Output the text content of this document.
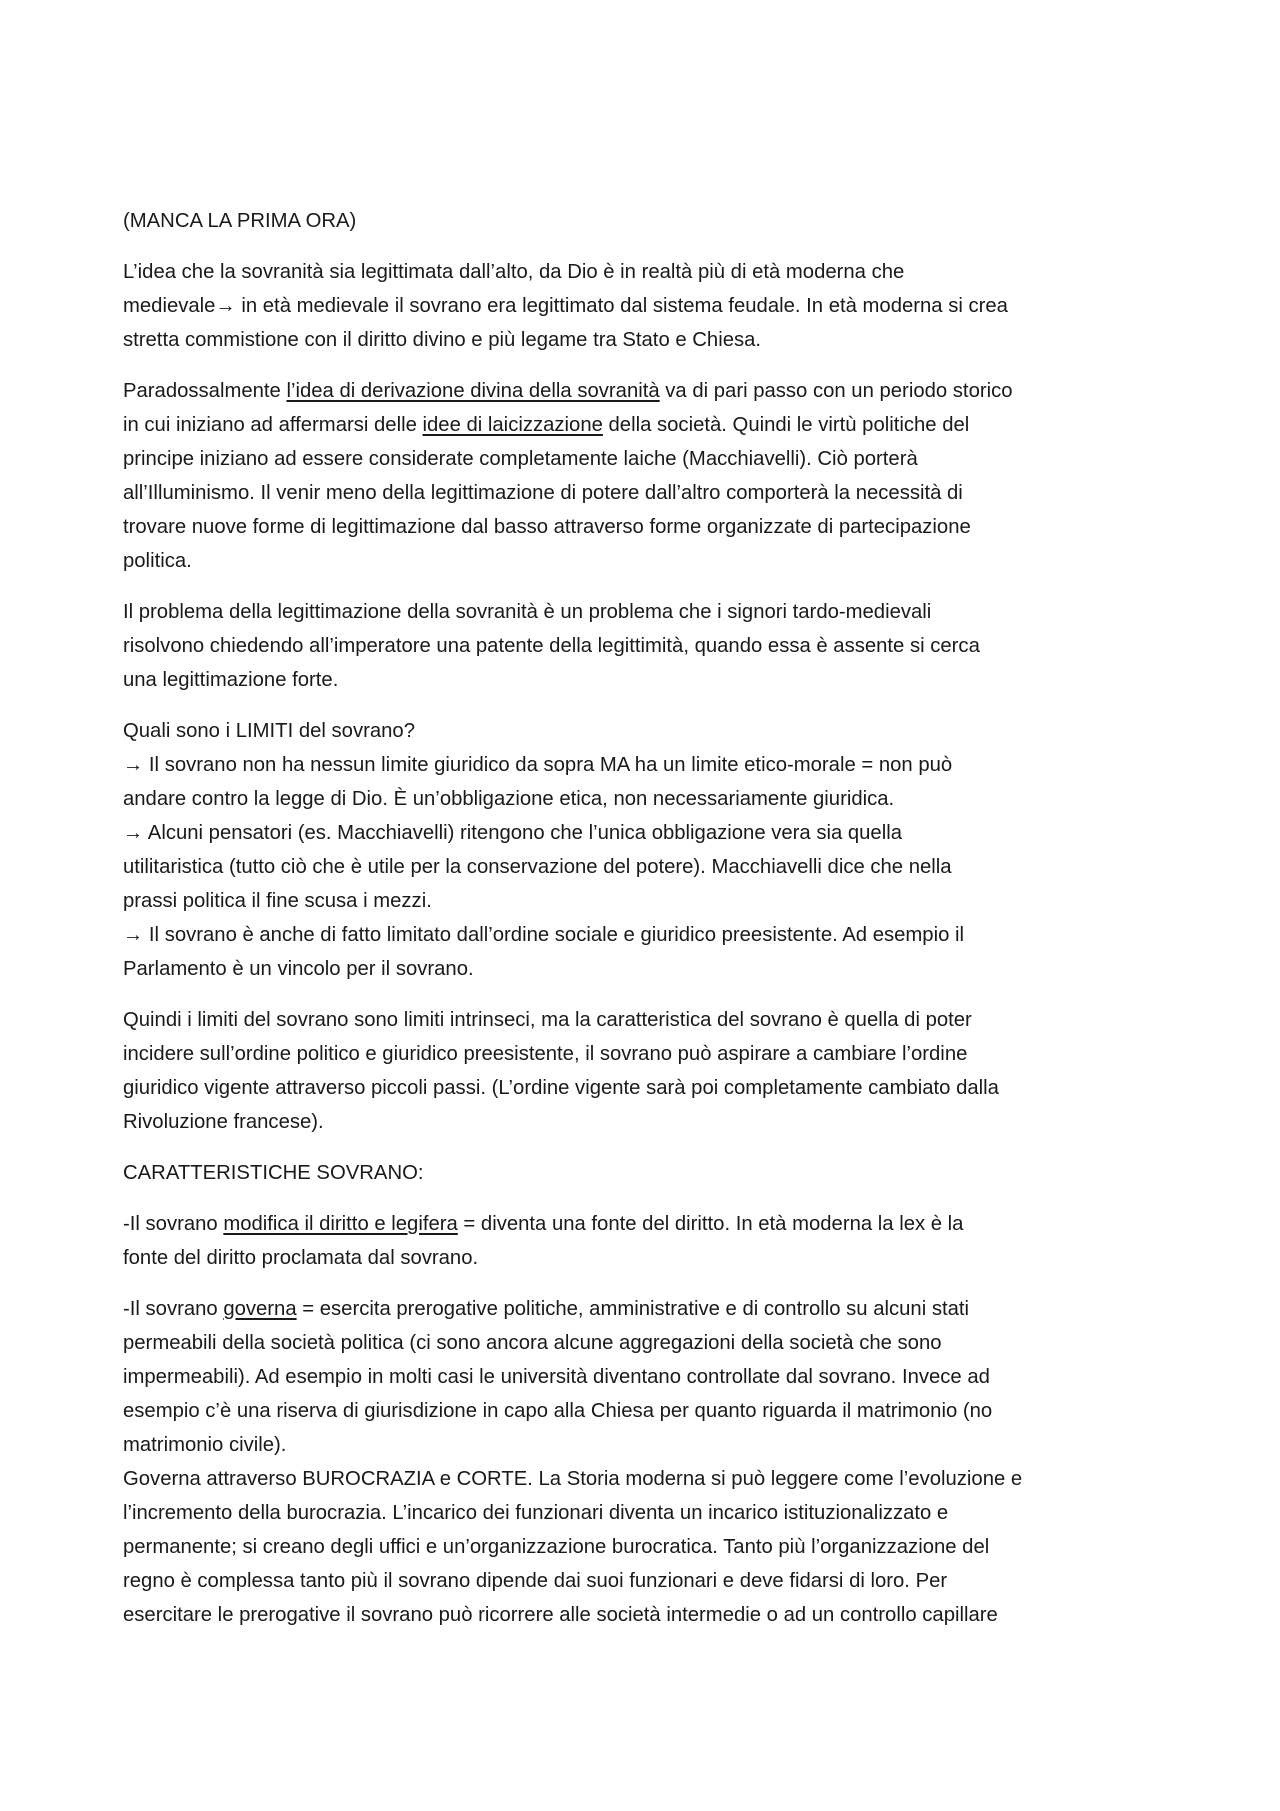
(MANCA LA PRIMA ORA)

L’idea che la sovranità sia legittimata dall’alto, da Dio è in realtà più di età moderna che
medievale→ in età medievale il sovrano era legittimato dal sistema feudale. In età moderna si crea
stretta commistione con il diritto divino e più legame tra Stato e Chiesa.

Paradossalmente l’idea di derivazione divina della sovranità va di pari passo con un periodo storico
in cui iniziano ad affermarsi delle idee di laicizzazione della società. Quindi le virtù politiche del
principe iniziano ad essere considerate completamente laiche (Macchiavelli). Ciò porterà
all’Illuminismo. Il venir meno della legittimazione di potere dall’altro comporterà la necessità di
trovare nuove forme di legittimazione dal basso attraverso forme organizzate di partecipazione
politica.

Il problema della legittimazione della sovranità è un problema che i signori tardo-medievali
risolvono chiedendo all’imperatore una patente della legittimità, quando essa è assente si cerca
una legittimazione forte.

Quali sono i LIMITI del sovrano?
→ Il sovrano non ha nessun limite giuridico da sopra MA ha un limite etico-morale = non può
andare contro la legge di Dio. È un’obbligazione etica, non necessariamente giuridica.
→ Alcuni pensatori (es. Macchiavelli) ritengono che l’unica obbligazione vera sia quella
utilitaristica (tutto ciò che è utile per la conservazione del potere). Macchiavelli dice che nella
prassi politica il fine scusa i mezzi.
→ Il sovrano è anche di fatto limitato dall’ordine sociale e giuridico preesistente. Ad esempio il
Parlamento è un vincolo per il sovrano.

Quindi i limiti del sovrano sono limiti intrinseci, ma la caratteristica del sovrano è quella di poter
incidere sull’ordine politico e giuridico preesistente, il sovrano può aspirare a cambiare l’ordine
giuridico vigente attraverso piccoli passi. (L’ordine vigente sarà poi completamente cambiato dalla
Rivoluzione francese).

CARATTERISTICHE SOVRANO:

-Il sovrano modifica il diritto e legifera = diventa una fonte del diritto. In età moderna la lex è la
fonte del diritto proclamata dal sovrano.

-Il sovrano governa = esercita prerogative politiche, amministrative e di controllo su alcuni stati
permeabili della società politica (ci sono ancora alcune aggregazioni della società che sono
impermeabili). Ad esempio in molti casi le università diventano controllate dal sovrano. Invece ad
esempio c’è una riserva di giurisdizione in capo alla Chiesa per quanto riguarda il matrimonio (no
matrimonio civile).
Governa attraverso BUROCRAZIA e CORTE. La Storia moderna si può leggere come l’evoluzione e
l’incremento della burocrazia. L’incarico dei funzionari diventa un incarico istituzionalizzato e
permanente; si creano degli uffici e un’organizzazione burocratica. Tanto più l’organizzazione del
regno è complessa tanto più il sovrano dipende dai suoi funzionari e deve fidarsi di loro. Per
esercitare le prerogative il sovrano può ricorrere alle società intermedie o ad un controllo capillare
